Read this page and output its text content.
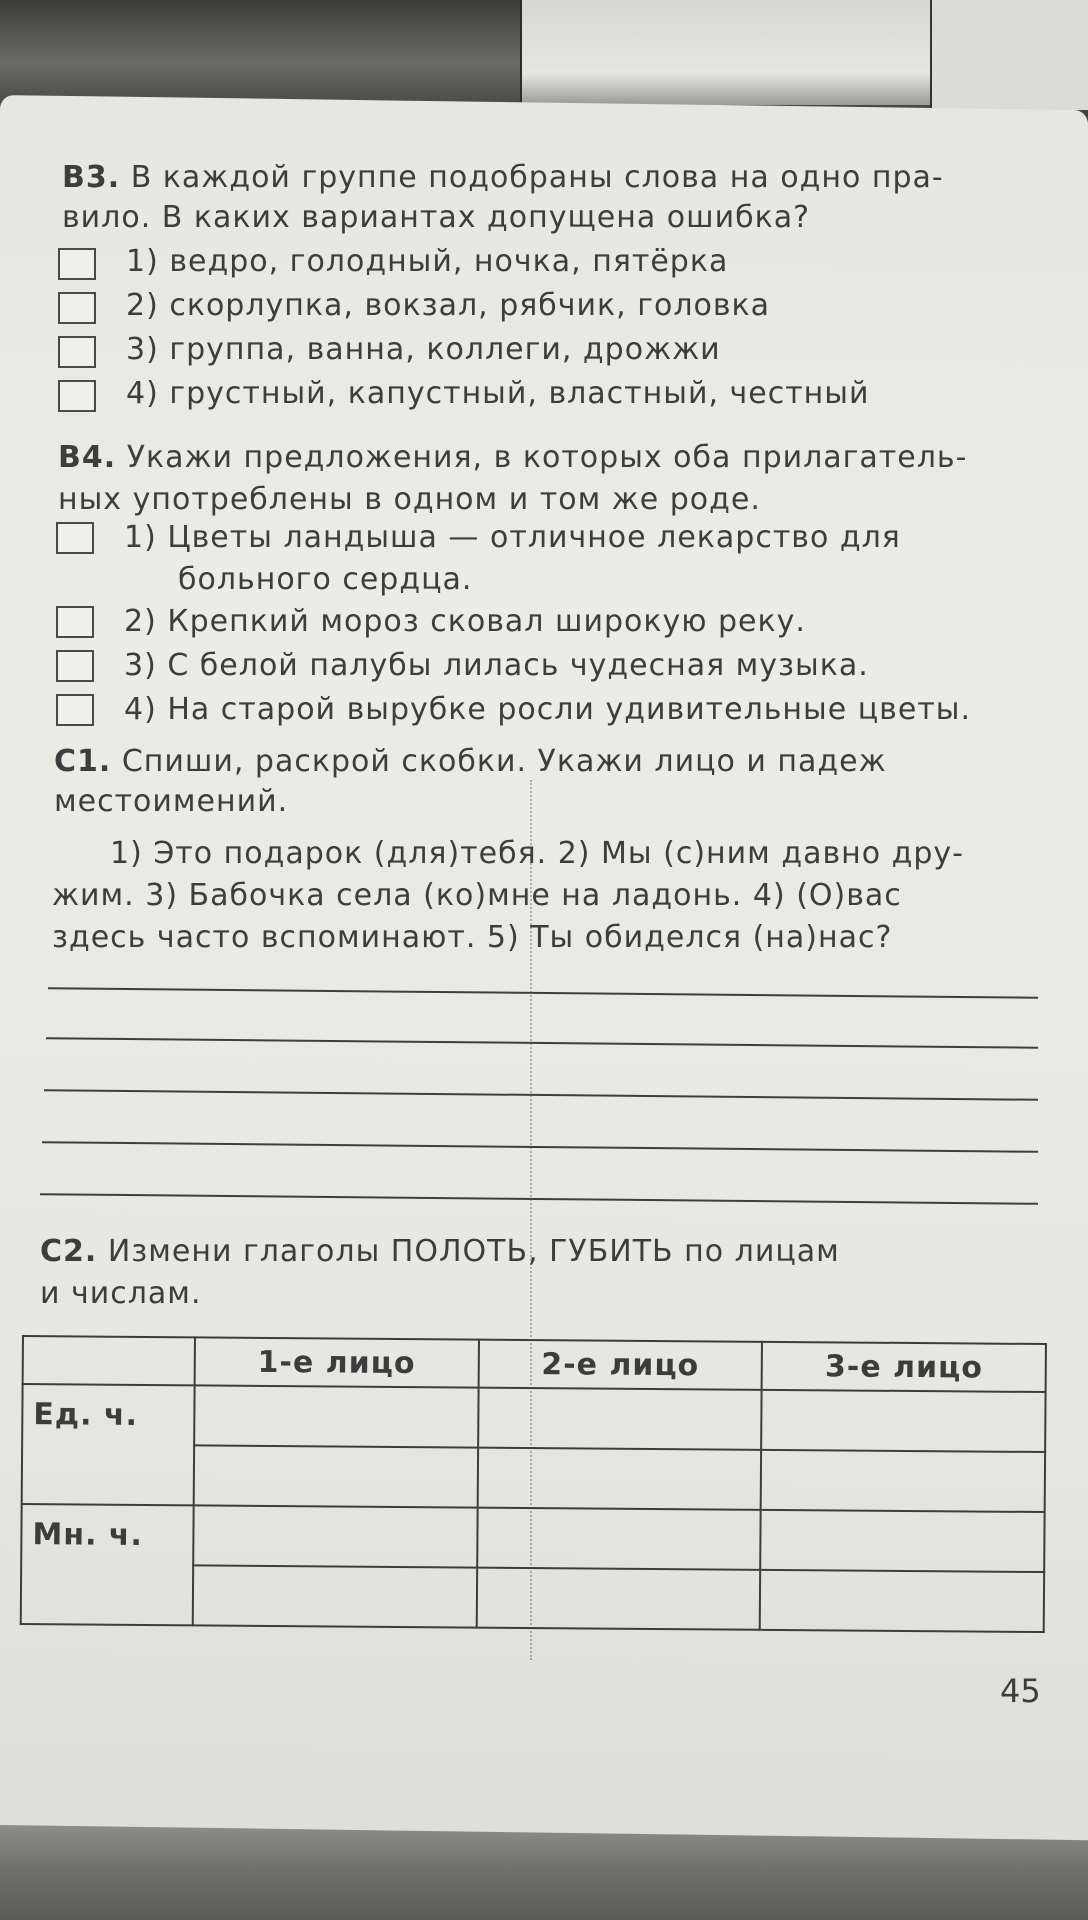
В3. В каждой группе подобраны слова на одно пра-
вило. В каких вариантах допущена ошибка?
1) ведро, голодный, ночка, пятёрка
2) скорлупка, вокзал, рябчик, головка
3) группа, ванна, коллеги, дрожжи
4) грустный, капустный, властный, честный
В4. Укажи предложения, в которых оба прилагатель-
ных употреблены в одном и том же роде.
1) Цветы ландыша — отличное лекарство для
больного сердца.
2) Крепкий мороз сковал широкую реку.
3) С белой палубы лилась чудесная музыка.
4) На старой вырубке росли удивительные цветы.
С1. Спиши, раскрой скобки. Укажи лицо и падеж
местоимений.
1) Это подарок (для)тебя. 2) Мы (с)ним давно дру-
жим. 3) Бабочка села (ко)мне на ладонь. 4) (О)вас
здесь часто вспоминают. 5) Ты обиделся (на)нас?
С2. Измени глаголы ПОЛОТЬ, ГУБИТЬ по лицам
и числам.
	1-е лицо	2-е лицо	3-е лицо
Ед. ч.			

Мн. ч.			

45
